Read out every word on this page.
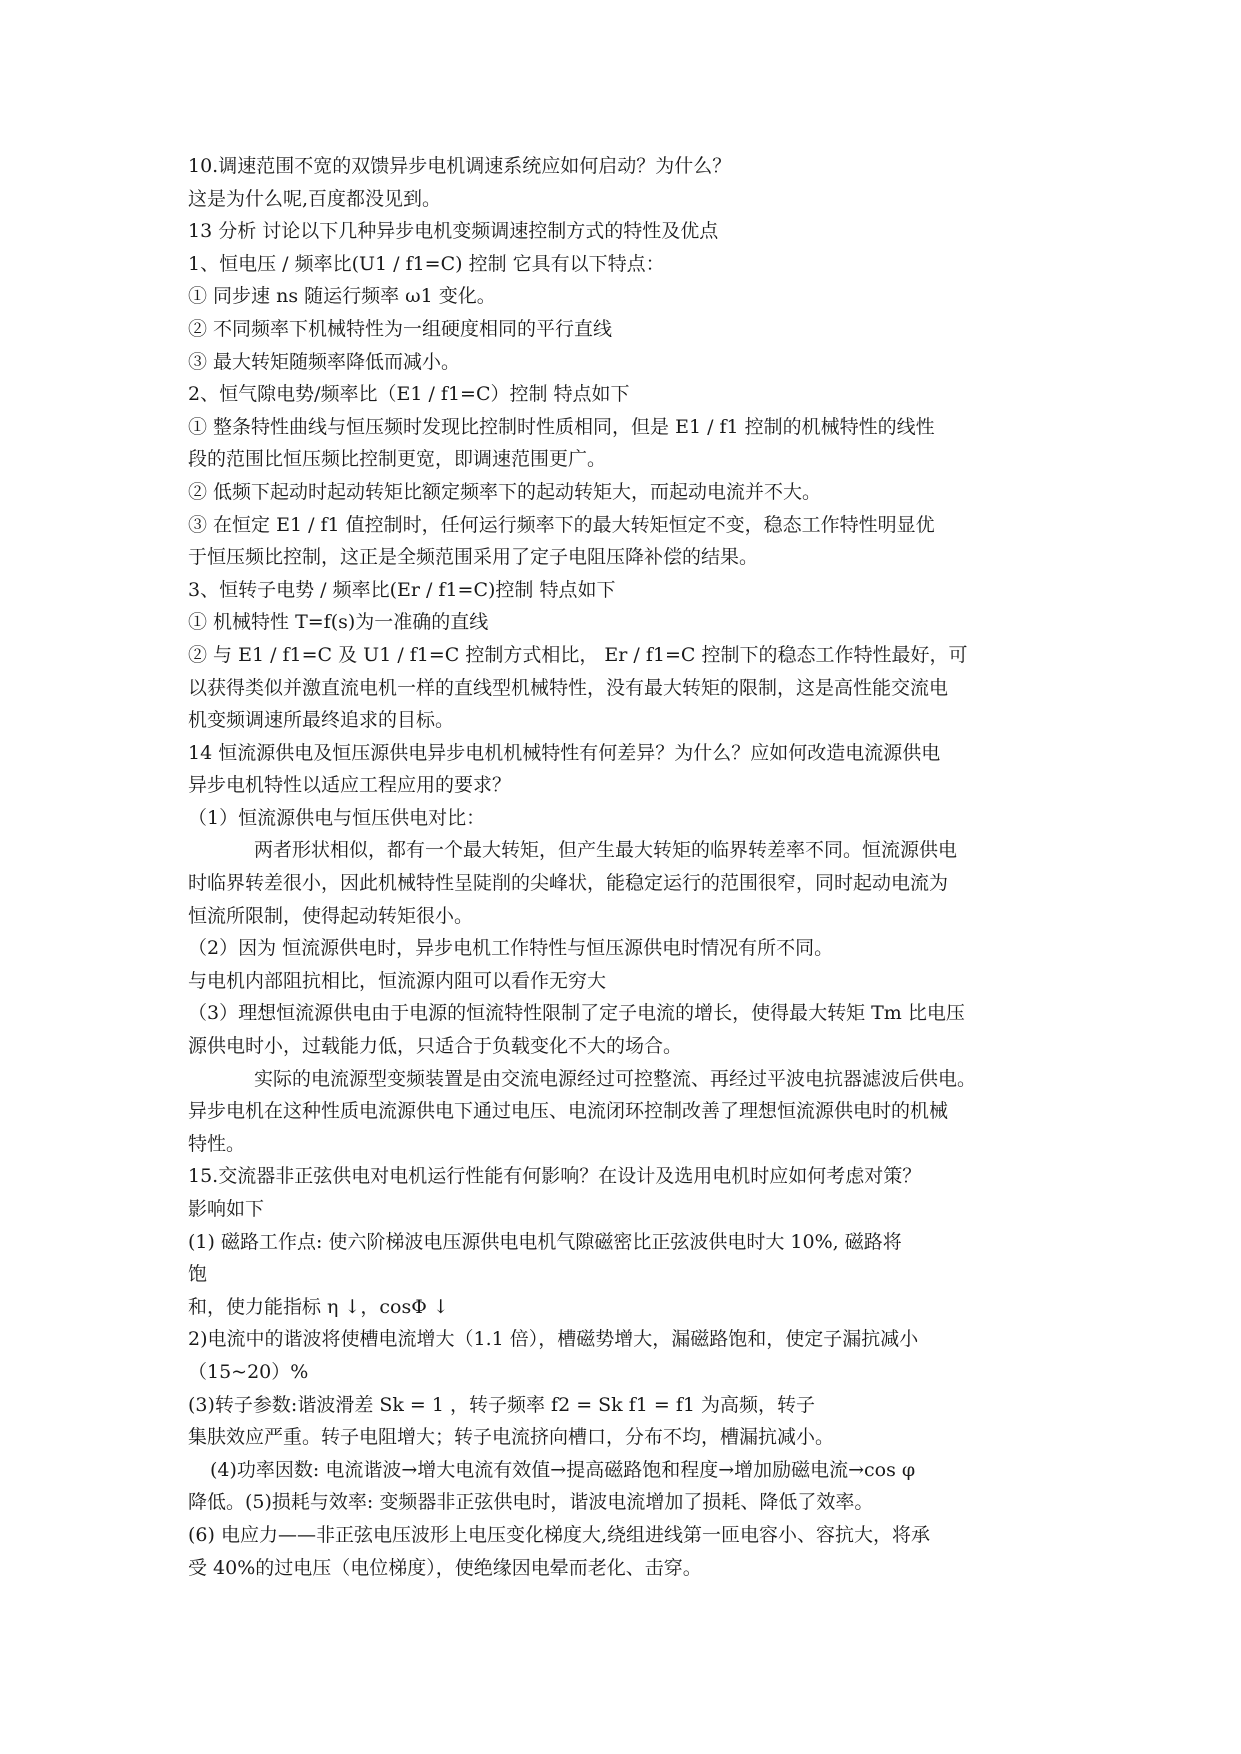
10.调速范围不宽的双馈异步电机调速系统应如何启动？为什么？

这是为什么呢,百度都没见到。

13 分析 讨论以下几种异步电机变频调速控制方式的特性及优点

1、恒电压 / 频率比(U1 / f1=C) 控制 它具有以下特点：

① 同步速 ns 随运行频率 ω1 变化。

② 不同频率下机械特性为一组硬度相同的平行直线

③ 最大转矩随频率降低而减小。

2、恒气隙电势/频率比（E1 / f1=C）控制 特点如下

① 整条特性曲线与恒压频时发现比控制时性质相同，但是 E1 / f1 控制的机械特性的线性

段的范围比恒压频比控制更宽，即调速范围更广。

② 低频下起动时起动转矩比额定频率下的起动转矩大，而起动电流并不大。

③ 在恒定 E1 / f1 值控制时，任何运行频率下的最大转矩恒定不变，稳态工作特性明显优

于恒压频比控制，这正是全频范围采用了定子电阻压降补偿的结果。

3、恒转子电势 / 频率比(Er / f1=C)控制 特点如下

① 机械特性 T=f(s)为一准确的直线

② 与 E1 / f1=C 及 U1 / f1=C 控制方式相比， Er / f1=C 控制下的稳态工作特性最好，可

以获得类似并激直流电机一样的直线型机械特性，没有最大转矩的限制，这是高性能交流电

机变频调速所最终追求的目标。

14 恒流源供电及恒压源供电异步电机机械特性有何差异？为什么？应如何改造电流源供电

异步电机特性以适应工程应用的要求？

（1）恒流源供电与恒压供电对比：

两者形状相似，都有一个最大转矩，但产生最大转矩的临界转差率不同。恒流源供电

时临界转差很小，因此机械特性呈陡削的尖峰状，能稳定运行的范围很窄，同时起动电流为

恒流所限制，使得起动转矩很小。

（2）因为 恒流源供电时，异步电机工作特性与恒压源供电时情况有所不同。

与电机内部阻抗相比，恒流源内阻可以看作无穷大

（3）理想恒流源供电由于电源的恒流特性限制了定子电流的增长，使得最大转矩 Tm 比电压

源供电时小，过载能力低，只适合于负载变化不大的场合。

实际的电流源型变频装置是由交流电源经过可控整流、再经过平波电抗器滤波后供电。

异步电机在这种性质电流源供电下通过电压、电流闭环控制改善了理想恒流源供电时的机械

特性。

15.交流器非正弦供电对电机运行性能有何影响？在设计及选用电机时应如何考虑对策？

影响如下

(1) 磁路工作点: 使六阶梯波电压源供电电机气隙磁密比正弦波供电时大 10%, 磁路将

饱

和，使力能指标 η ↓，cosΦ ↓

2)电流中的谐波将使槽电流增大（1.1 倍），槽磁势增大，漏磁路饱和，使定子漏抗减小

（15~20）%

(3)转子参数:谐波滑差 Sk = 1 ，转子频率 f2 = Sk f1 = f1 为高频，转子

集肤效应严重。转子电阻增大；转子电流挤向槽口，分布不均，槽漏抗减小。

(4)功率因数: 电流谐波→增大电流有效值→提高磁路饱和程度→增加励磁电流→cos φ

降低。(5)损耗与效率: 变频器非正弦供电时，谐波电流增加了损耗、降低了效率。

(6) 电应力——非正弦电压波形上电压变化梯度大,绕组进线第一匝电容小、容抗大，将承

受 40%的过电压（电位梯度），使绝缘因电晕而老化、击穿。
